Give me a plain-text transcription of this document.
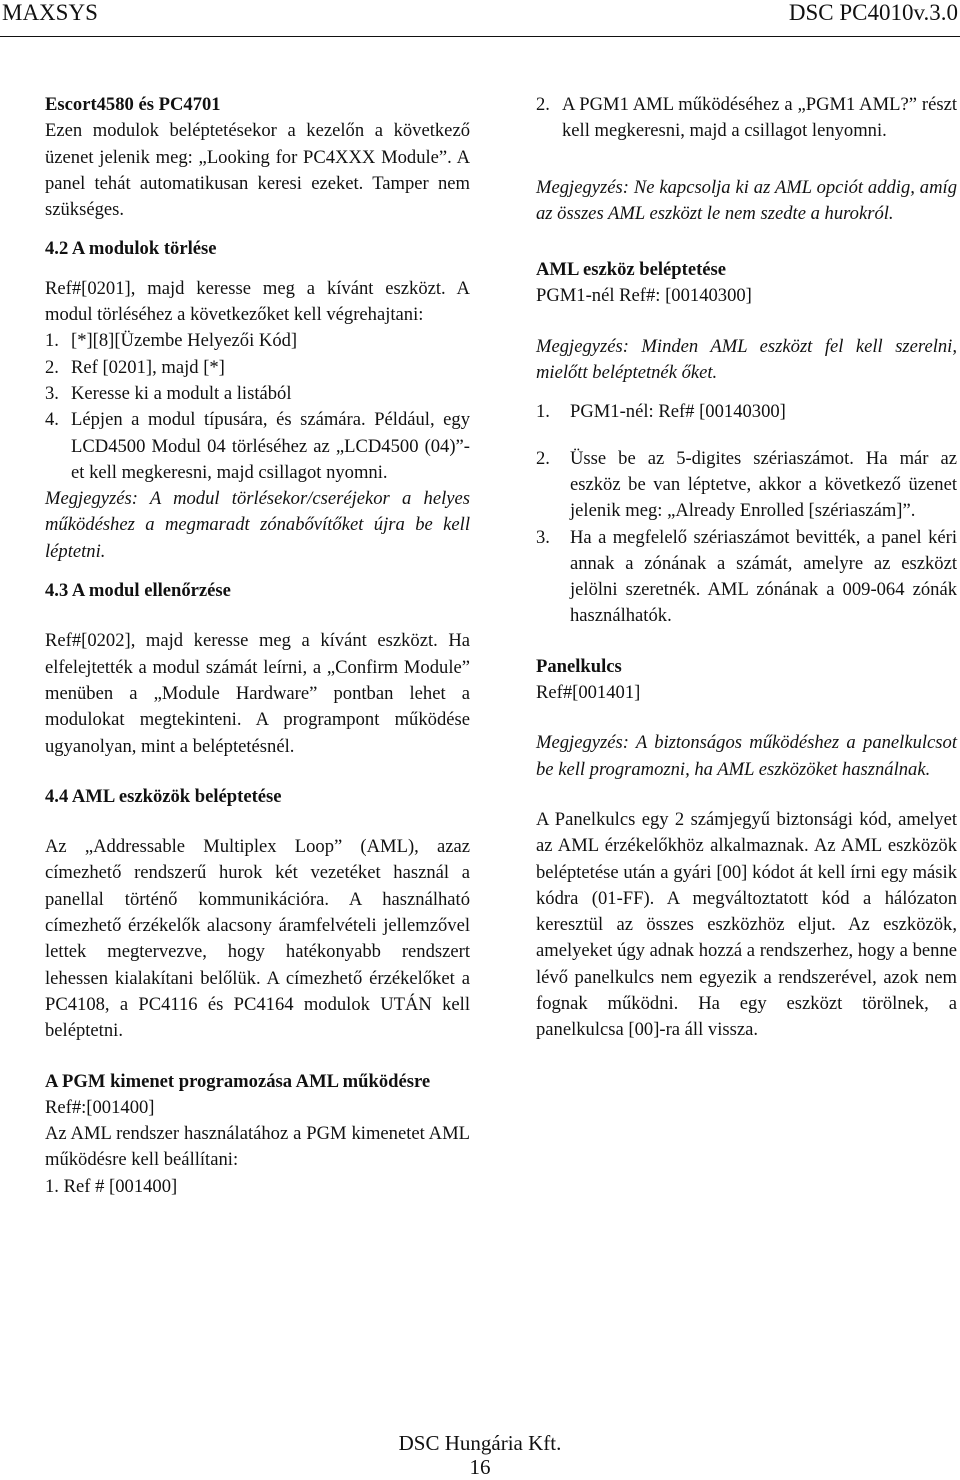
MAXSYS	DSC PC4010v.3.0

Escort4580 és PC4701

Ezen modulok beléptetésekor a kezelőn a következő üzenet jelenik meg: „Looking for PC4XXX Module”. A panel tehát automatikusan keresi ezeket. Tamper nem szükséges.

4.2 A modulok törlése

Ref#[0201], majd keresse meg a kívánt eszközt. A modul törléséhez a következőket kell végrehajtani:

1. [*][8][Üzembe Helyezői Kód]
2. Ref [0201], majd [*]
3. Keresse ki a modult a listából
4. Lépjen a modul típusára, és számára. Például, egy LCD4500 Modul 04 törléséhez az „LCD4500 (04)”-et kell megkeresni, majd csillagot nyomni.

Megjegyzés: A modul törlésekor/cseréjekor a helyes működéshez a megmaradt zónabővítőket újra be kell léptetni.

4.3 A modul ellenőrzése

Ref#[0202], majd keresse meg a kívánt eszközt. Ha elfelejtették a modul számát leírni, a „Confirm Module” menüben a „Module Hardware” pontban lehet a modulokat megtekinteni. A programpont működése ugyanolyan, mint a beléptetésnél.

4.4 AML eszközök beléptetése

Az „Addressable Multiplex Loop” (AML), azaz címezhető rendszerű hurok két vezetéket használ a panellal történő kommunikációra. A használható címezhető érzékelők alacsony áramfelvételi jellemzővel lettek megtervezve, hogy hatékonyabb rendszert lehessen kialakítani belőlük. A címezhető érzékelőket a PC4108, a PC4116 és PC4164 modulok UTÁN kell beléptetni.

A PGM kimenet programozása AML működésre

Ref#:[001400]

Az AML rendszer használatához a PGM kimenetet AML működésre kell beállítani:

1. Ref # [001400]

2. A PGM1 AML működéséhez a „PGM1 AML?” részt kell megkeresni, majd a csillagot lenyomni.

Megjegyzés: Ne kapcsolja ki az AML opciót addig, amíg az összes AML eszközt le nem szedte a hurokról.

AML eszköz beléptetése

PGM1-nél Ref#: [00140300]

Megjegyzés: Minden AML eszközt fel kell szerelni, mielőtt beléptetnék őket.

1.	PGM1-nél: Ref# [00140300]
2.	Üsse be az 5-digites szériaszámot. Ha már az eszköz be van léptetve, akkor a következő üzenet jelenik meg: „Already Enrolled [szériaszám]”.
3.	Ha a megfelelő szériaszámot bevitték, a panel kéri annak a zónának a számát, amelyre az eszközt jelölni szeretnék. AML zónának a 009-064 zónák használhatók.

Panelkulcs

Ref#[001401]

Megjegyzés: A biztonságos működéshez a panelkulcsot be kell programozni, ha AML eszközöket használnak.

A Panelkulcs egy 2 számjegyű biztonsági kód, amelyet az AML érzékelőkhöz alkalmaznak. Az AML eszközök beléptetése után a gyári [00] kódot át kell írni egy másik kódra (01-FF). A megváltoztatott kód a hálózaton keresztül az összes eszközhöz eljut. Az eszközök, amelyeket úgy adnak hozzá a rendszerhez, hogy a benne lévő panelkulcs nem egyezik a rendszerével, azok nem fognak működni. Ha egy eszközt törölnek, a panelkulcsa [00]-ra áll vissza.

DSC Hungária Kft.
16
